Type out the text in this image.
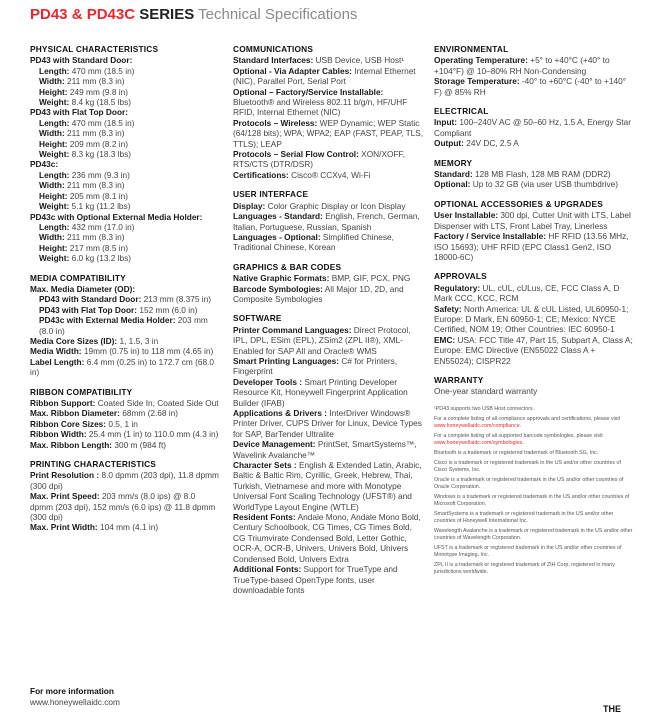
PD43 & PD43C SERIES Technical Specifications
PHYSICAL CHARACTERISTICS
PD43 with Standard Door:
Length: 470 mm (18.5 in)
Width: 211 mm (8.3 in)
Height: 249 mm (9.8 in)
Weight: 8.4 kg (18.5 lbs)
PD43 with Flat Top Door:
Length: 470 mm (18.5 in)
Width: 211 mm (8.3 in)
Height: 209 mm (8.2 in)
Weight: 8.3 kg (18.3 lbs)
PD43c:
Length: 236 mm (9.3 in)
Width: 211 mm (8.3 in)
Height: 205 mm (8.1 in)
Weight: 5.1 kg (11.2 lbs)
PD43c with Optional External Media Holder:
Length: 432 mm (17.0 in)
Width: 211 mm (8.3 in)
Height: 217 mm (8.5 in)
Weight: 6.0 kg (13.2 lbs)
MEDIA COMPATIBILITY
Max. Media Diameter (OD):
PD43 with Standard Door: 213 mm (8.375 in)
PD43 with Flat Top Door: 152 mm (6.0 in)
PD43c with External Media Holder: 203 mm (8.0 in)
Media Core Sizes (ID): 1, 1.5, 3 in
Media Width: 19mm (0.75 in) to 118 mm (4.65 in)
Label Length: 6.4 mm (0.25 in) to 172.7 cm (68.0 in)
RIBBON COMPATIBILITY
Ribbon Support: Coated Side In, Coated Side Out
Max. Ribbon Diameter: 68mm (2.68 in)
Ribbon Core Sizes: 0.5, 1 in
Ribbon Width: 25.4 mm (1 in) to 110.0 mm (4.3 in)
Max. Ribbon Length: 300 m (984 ft)
PRINTING CHARACTERISTICS
Print Resolution : 8.0 dpmm (203 dpi), 11.8 dpmm (300 dpi)
Max. Print Speed: 203 mm/s (8.0 ips) @ 8.0 dpmm (203 dpi), 152 mm/s (6.0 ips) @ 11.8 dpmm (300 dpi)
Max. Print Width: 104 mm (4.1 in)
COMMUNICATIONS
Standard Interfaces: USB Device, USB Host¹
Optional - Via Adapter Cables: Internal Ethernet (NIC), Parallel Port, Serial Port
Optional – Factory/Service Installable: Bluetooth® and Wireless 802.11 b/g/n, HF/UHF RFID, Internal Ethernet (NIC)
Protocols – Wireless: WEP Dynamic; WEP Static (64/128 bits); WPA; WPA2; EAP (FAST, PEAP, TLS, TTLS); LEAP
Protocols – Serial Flow Control: XON/XOFF, RTS/CTS (DTR/DSR)
Certifications: Cisco® CCXv4, Wi-Fi
USER INTERFACE
Display: Color Graphic Display or Icon Display
Languages - Standard: English, French, German, Italian, Portuguese, Russian, Spanish
Languages - Optional: Simplified Chinese, Traditional Chinese, Korean
GRAPHICS & BAR CODES
Native Graphic Formats: BMP, GIF, PCX, PNG
Barcode Symbologies: All Major 1D, 2D, and Composite Symbologies
SOFTWARE
Printer Command Languages: Direct Protocol, IPL, DPL, ESim (EPL), ZSim2 (ZPL II®), XML-Enabled for SAP All and Oracle® WMS
Smart Printing Languages: C# for Printers, Fingerprint
Developer Tools : Smart Printing Developer Resource Kit, Honeywell Fingerprint Application Builder (IFAB)
Applications & Drivers : InterDriver Windows® Printer Driver, CUPS Driver for Linux, Device Types for SAP, BarTender Ultralite
Device Management: PrintSet, SmartSystems™, Wavelink Avalanche™
Character Sets : English & Extended Latin, Arabic, Baltic & Baltic Rim, Cyrillic, Greek, Hebrew, Thai, Turkish, Vietnamese and more with Monotype Universal Font Scaling Technology (UFST®) and WorldType Layout Engine (WTLE)
Resident Fonts: Andale Mono, Andale Mono Bold, Century Schoolbook, CG Times, CG Times Bold, CG Triumvirate Condensed Bold, Letter Gothic, OCR-A, OCR-B, Univers, Univers Bold, Univers Condensed Bold, Univers Extra
Additional Fonts: Support for TrueType and TrueType-based OpenType fonts, user downloadable fonts
ENVIRONMENTAL
Operating Temperature: +5° to +40°C (+40° to +104°F) @ 10–80% RH Non-Condensing
Storage Temperature: -40° to +60°C (-40° to +140° F) @ 85% RH
ELECTRICAL
Input: 100–240V AC @ 50–60 Hz, 1.5 A, Energy Star Compliant
Output: 24V DC, 2.5 A
MEMORY
Standard: 128 MB Flash, 128 MB RAM (DDR2)
Optional: Up to 32 GB (via user USB thumbdrive)
OPTIONAL ACCESSORIES & UPGRADES
User Installable: 300 dpi, Cutter Unit with LTS, Label Dispenser with LTS, Front Label Tray, Linerless
Factory / Service Installable: HF RFID (13.56 MHz, ISO 15693); UHF RFID (EPC Class1 Gen2, ISO 18000-6C)
APPROVALS
Regulatory: UL, cUL, cULus, CE, FCC Class A, D Mark CCC, KCC, RCM
Safety: North America: UL & cUL Listed, UL60950-1; Europe: D Mark, EN 60950-1; CE; Mexico: NYCE Certified, NOM 19; Other Countries: IEC 60950-1
EMC: USA: FCC Title 47, Part 15, Subpart A, Class A; Europe: EMC Directive (EN55022 Class A + EN55024); CISPR22
WARRANTY
One-year standard warranty
¹PD43 supports two USB Host connectors.
For a complete listing of all compliance approvals and certifications, please visit www.honeywellaidc.com/compliance.
For a complete listing of all supported barcode symbologies, please visit www.honeywellaidc.com/symbologies.
Bluetooth is a trademark or registered trademark of Bluetooth SG, Inc.
Cisco is a trademark or registered trademark in the US and/or other countries of Cisco Systems, Inc.
Oracle is a trademark or registered trademark in the US and/or other countries of Oracle Corporation.
Windows is a trademark or registered trademark in the US and/or other countries of Microsoft Corporation.
SmartSystems is a trademark or registered trademark in the US and/or other countries of Honeywell International Inc.
Wavelength Avalanche is a trademark or registered trademark in the US and/or other countries of Wavelength Corporation.
UFST is a trademark or registered trademark in the US and/or other countries of Monotype Imaging, Inc.
ZPL II is a trademark or registered trademark of ZIH Corp, registered in many jurisdictions worldwide.
For more information
www.honeywellaidc.com
THE
